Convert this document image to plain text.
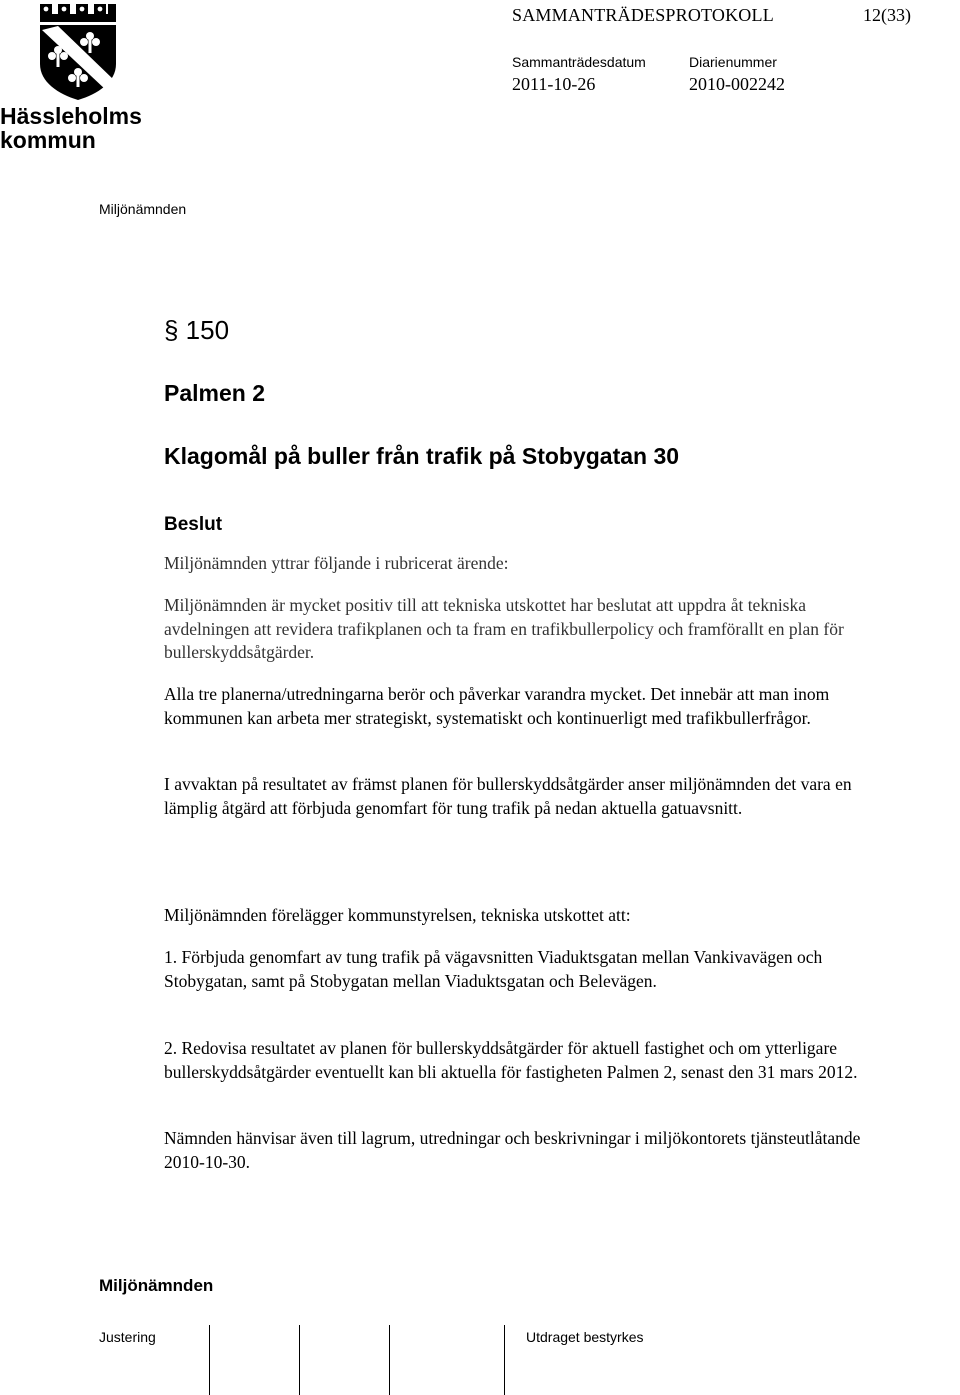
Hässleholms
kommun
SAMMANTRÄDESPROTOKOLL	12(33)
Sammanträdesdatum	Diarienummer
2011-10-26	2010-002242
Miljönämnden
§ 150
Palmen 2
Klagomål på buller från trafik på Stobygatan 30
Beslut
Miljönämnden yttrar följande i rubricerat ärende:
Miljönämnden är mycket positiv till att tekniska utskottet har beslutat att uppdra åt tekniska avdelningen att revidera trafikplanen och ta fram en trafikbullerpolicy och framförallt en plan för bullerskyddsåtgärder.
Alla tre planerna/utredningarna berör och påverkar varandra mycket. Det innebär att man inom kommunen kan arbeta mer strategiskt, systematiskt och kontinuerligt med trafikbullerfrågor.
I avvaktan på resultatet av främst planen för bullerskyddsåtgärder anser miljönämnden det vara en lämplig åtgärd att förbjuda genomfart för tung trafik på nedan aktuella gatuavsnitt.
Miljönämnden förelägger kommunstyrelsen, tekniska utskottet att:
1. Förbjuda genomfart av tung trafik på vägavsnitten Viaduktsgatan mellan Vankivavägen och Stobygatan, samt på Stobygatan mellan Viaduktsgatan och Belevägen.
2. Redovisa resultatet av planen för bullerskyddsåtgärder för aktuell fastighet och om ytterligare bullerskyddsåtgärder eventuellt kan bli aktuella för fastigheten Palmen 2, senast den 31 mars 2012.
Nämnden hänvisar även till lagrum, utredningar och beskrivningar i miljökontorets tjänsteutlåtande 2010-10-30.
Miljönämnden
Justering	Utdraget bestyrkes
